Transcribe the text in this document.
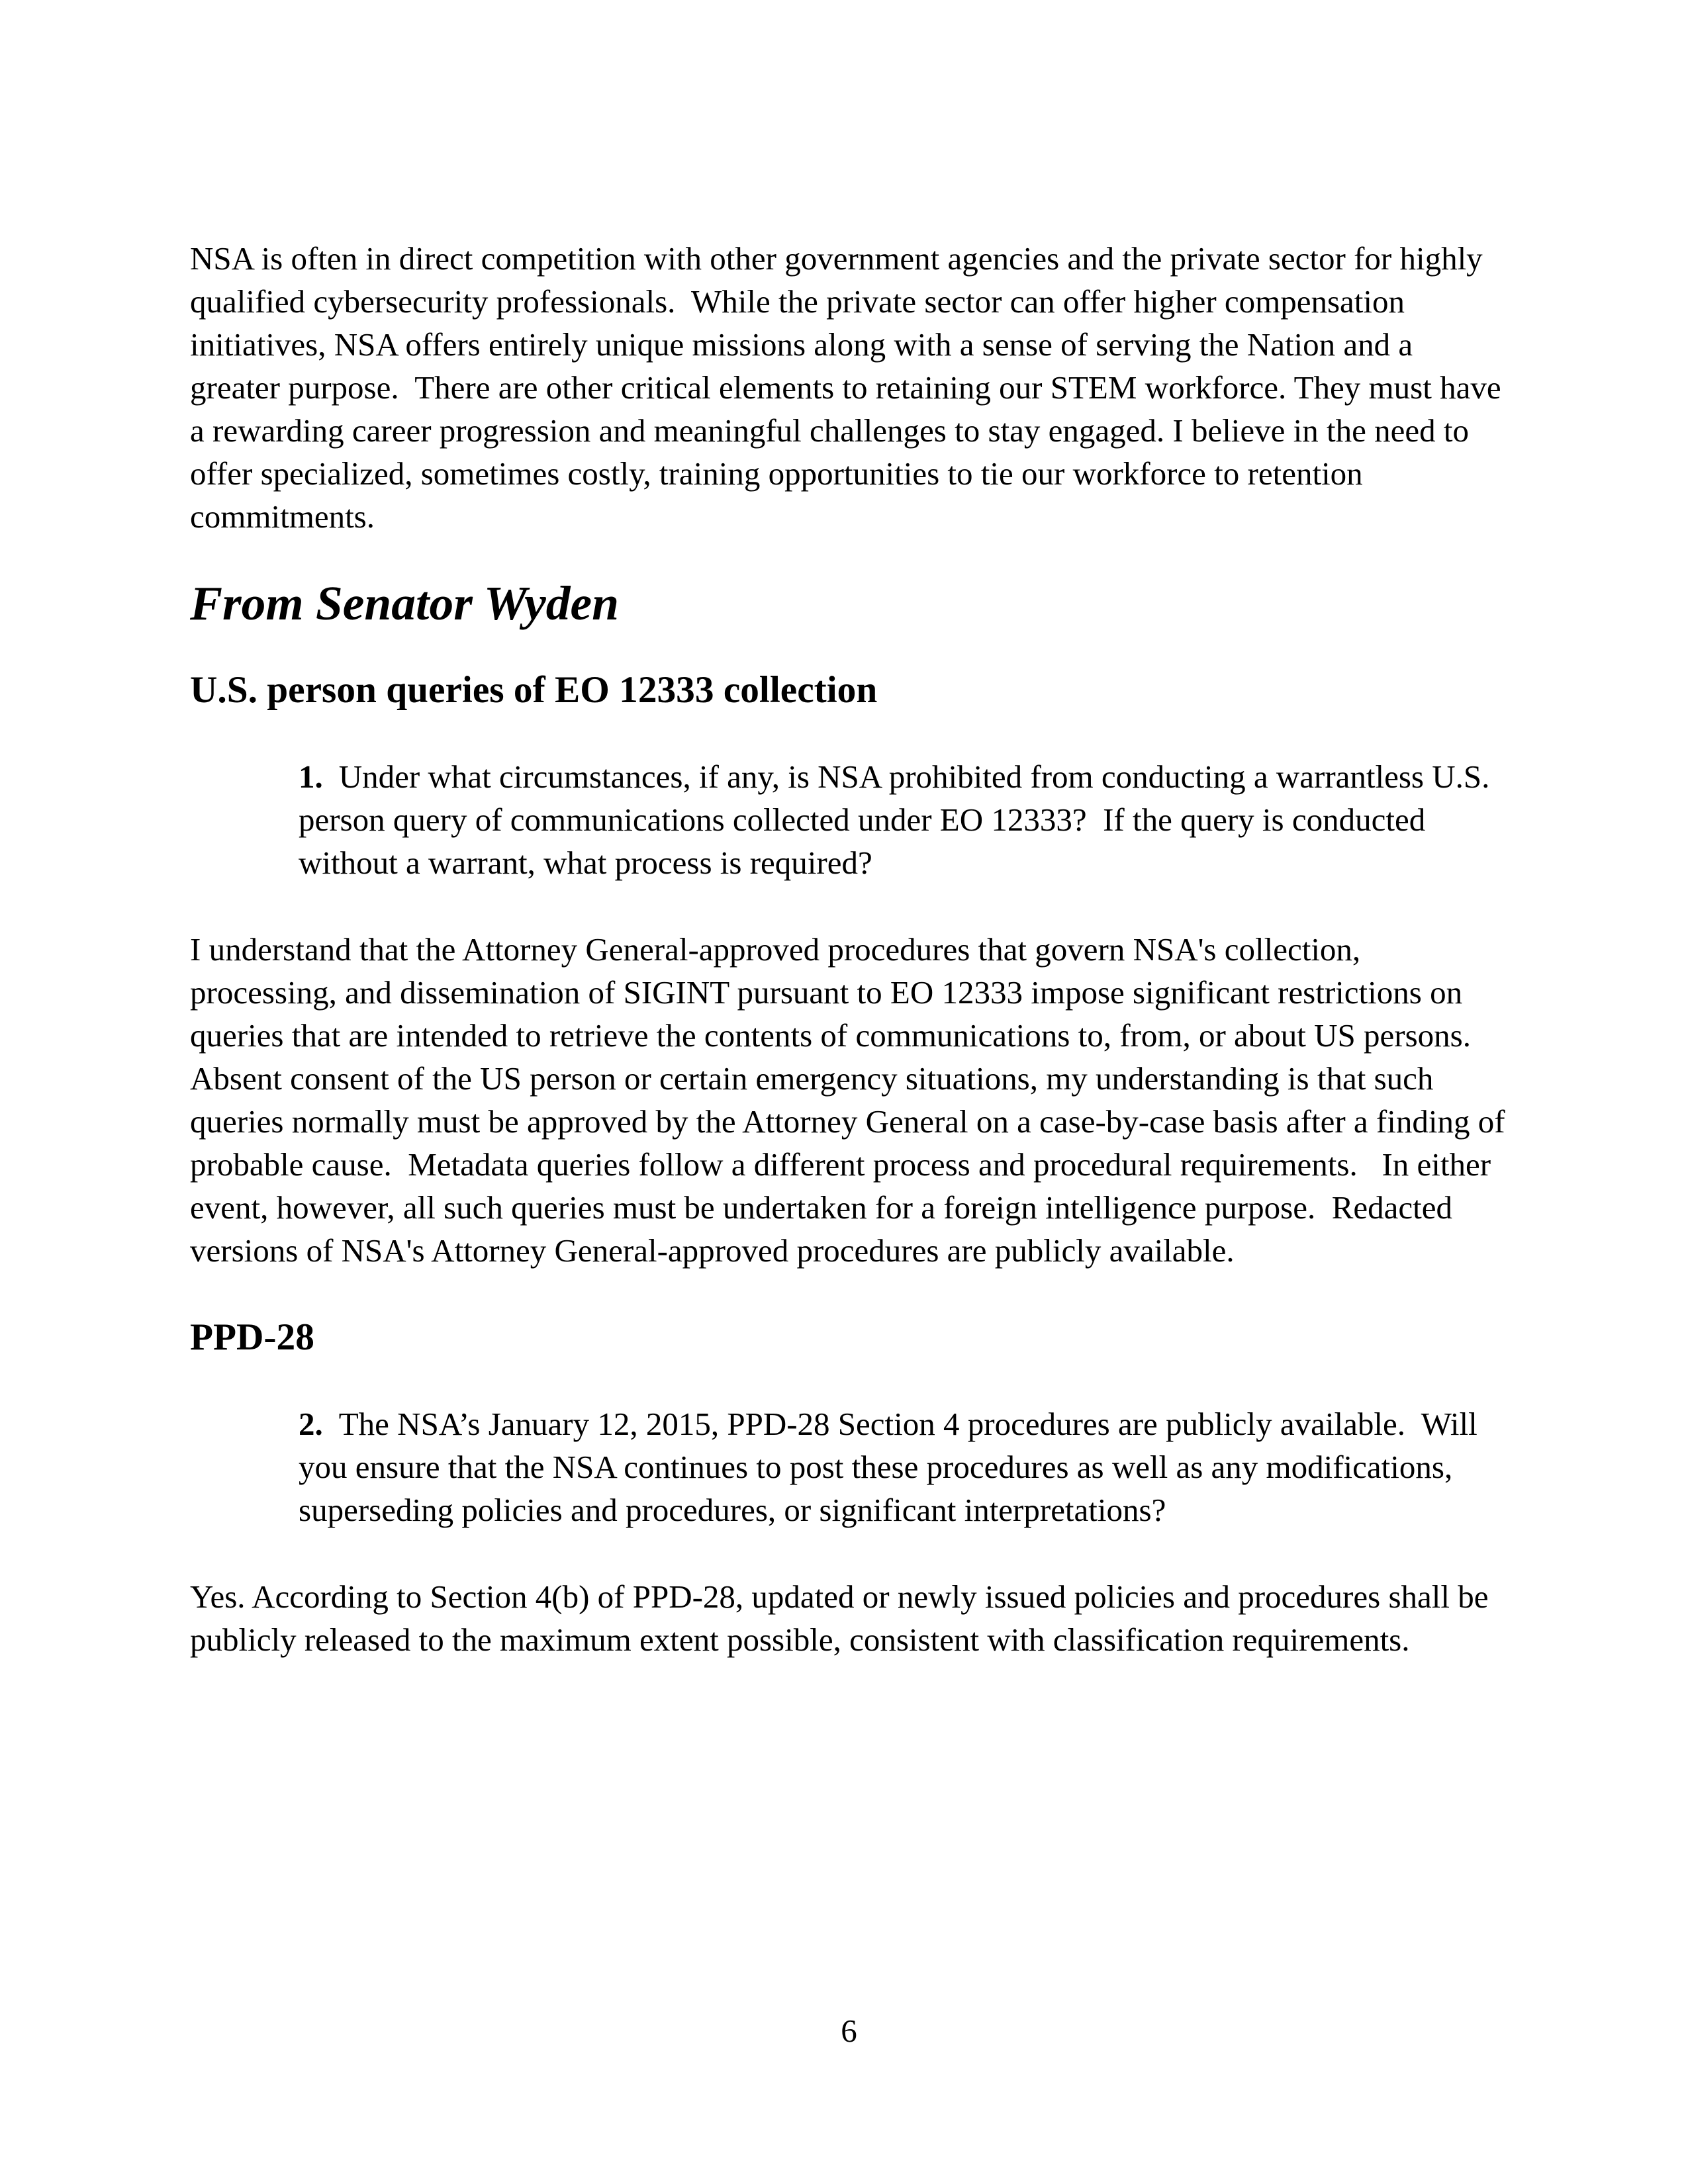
NSA is often in direct competition with other government agencies and the private sector for highly qualified cybersecurity professionals.  While the private sector can offer higher compensation initiatives, NSA offers entirely unique missions along with a sense of serving the Nation and a greater purpose.  There are other critical elements to retaining our STEM workforce. They must have a rewarding career progression and meaningful challenges to stay engaged. I believe in the need to offer specialized, sometimes costly, training opportunities to tie our workforce to retention commitments.

From Senator Wyden
U.S. person queries of EO 12333 collection
1. Under what circumstances, if any, is NSA prohibited from conducting a warrantless U.S. person query of communications collected under EO 12333?  If the query is conducted without a warrant, what process is required?

I understand that the Attorney General-approved procedures that govern NSA's collection, processing, and dissemination of SIGINT pursuant to EO 12333 impose significant restrictions on queries that are intended to retrieve the contents of communications to, from, or about US persons.   Absent consent of the US person or certain emergency situations, my understanding is that such queries normally must be approved by the Attorney General on a case-by-case basis after a finding of probable cause.  Metadata queries follow a different process and procedural requirements.   In either event, however, all such queries must be undertaken for a foreign intelligence purpose.  Redacted versions of NSA's Attorney General-approved procedures are publicly available.

PPD-28
2. The NSA’s January 12, 2015, PPD-28 Section 4 procedures are publicly available.  Will you ensure that the NSA continues to post these procedures as well as any modifications, superseding policies and procedures, or significant interpretations?

Yes. According to Section 4(b) of PPD-28, updated or newly issued policies and procedures shall be publicly released to the maximum extent possible, consistent with classification requirements.

6
